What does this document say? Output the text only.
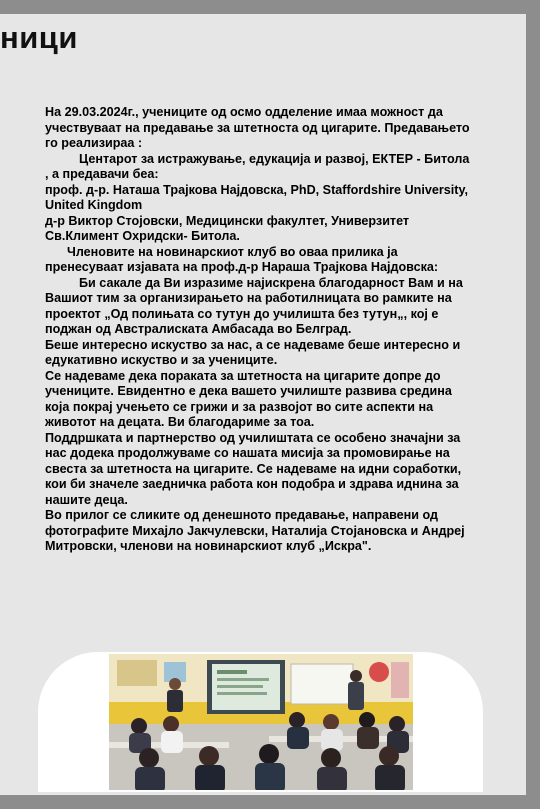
ници

На 29.03.2024г., учениците од осмо одделение имаа можност да учествуваат на предавање за штетноста од цигарите. Предавањето го реализираа :

Центарот за истражување, едукација и развој, ЕКТЕР - Битола , а предавачи беа:

проф. д-р. Наташа Трајкова Најдовска, PhD, Staffordshire University, United Kingdom

д-р Виктор Стојовски, Медицински факултет, Универзитет Св.Климент Охридски- Битола.

Членовите на новинарскиот клуб во оваа прилика ја пренесуваат изјавата на проф.д-р Нараша Трајкова Најдовска:

Би сакале да Ви изразиме најискрена благодарност Вам и на Вашиот тим за организирањето на работилницата во рамките на проектот „Од полињата со тутун до училишта без тутун„, кој е поджан од Австралиската Амбасада во Белград.

Беше интересно искуство за нас, а се надеваме беше интересно и едукативно искуство и за учениците.

Се надеваме дека пораката за штетноста на цигарите допре до учениците. Евидентно е дека вашето училиште развива средина која покрај учењето се грижи и за развојот во сите аспекти на животот на децата. Ви благодариме за тоа.

Поддршката и партнерство од училиштата се особено значајни за нас додека продолжуваме со нашата мисија за промовирање на свеста за штетноста на цигарите. Се надеваме на идни соработки, кои би значеле заедничка работа кон подобра и здрава иднина за нашите деца.

Во прилог се сликите од денешното предавање, направени од фотографите Михајло Јакчулевски, Наталија Стојановска и Андреј Митровски, членови на новинарскиот клуб „Искра".
